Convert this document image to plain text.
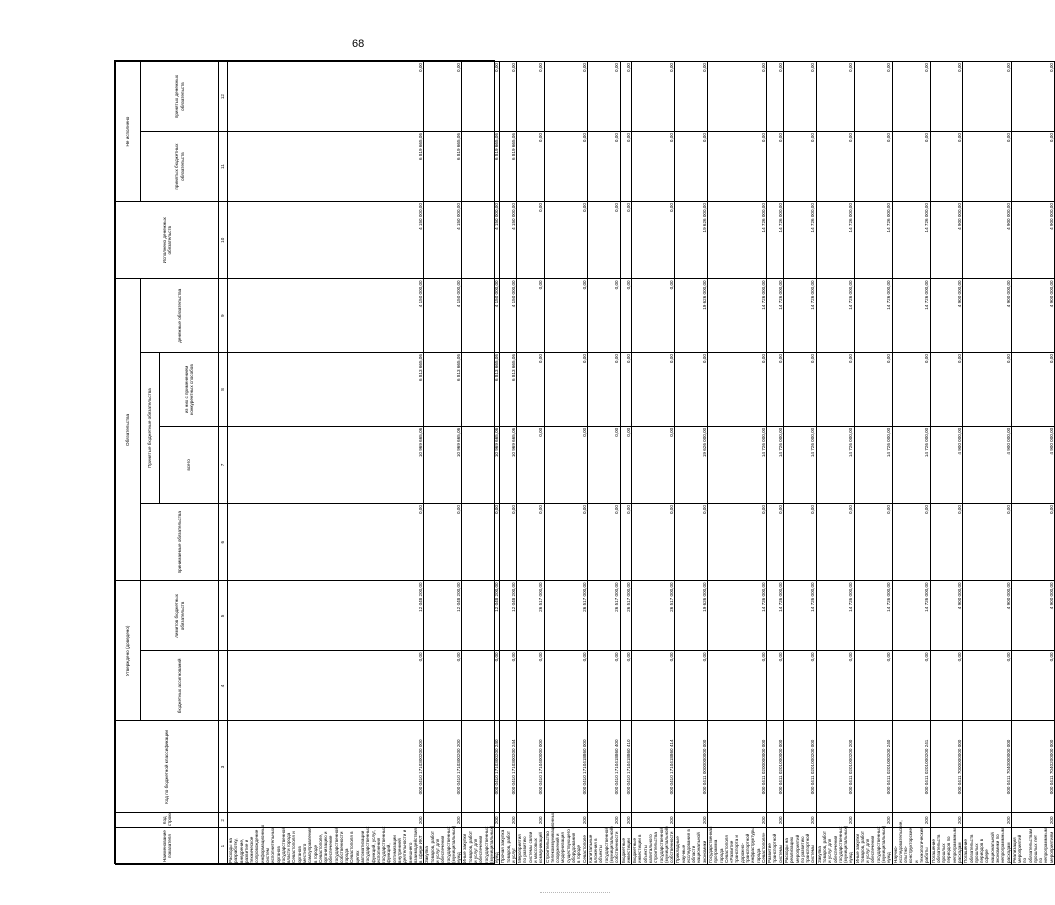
68
Наименование показателя	Код строки	Код по бюджетной классификации	Утверждено (доведено)		Обязательства				Исполнено денежных обязательств	Не исполнено	
			бюджетных ассигнований	лимитов бюджетных обязательств	принимаемые обязательства	Принятые бюджетные обязательства		денежные обязательства		принятых бюджетных обязательств	принятых денежных обязательств
						всего	из них с применением конкурентных способов				
1	2	3	4	5	6	7	8	9	10	11	12
Расходы на разработку, внедрение, развитие и техническое сопровождение информационных систем исполнительных органов государственной власти города Севастополя и органов местного самоуправления в городе Севастополе, организацию и обеспечение государственной собственности города Севастополя в целях автоматизации государственных функций, услуг, исполнения государственных функций, оптимизации внутренней деятельности и внешнего взаимодействия в сфере ИКТ	200	000 0410 1710300200 000	0,00	12 048 200,00	0,00	10 969 665,06	6 813 665,06	4 150 000,00	4 150 000,00	6 819 665,06	0,00
Закупка товаров, работ и услуг для обеспечения государственных (муниципальных) нужд	200	000 0410 1710300200 200	0,00	12 048 200,00	0,00	10 969 665,06	6 813 665,06	4 150 000,00	4 150 000,00	6 819 665,06	0,00
Иные закупки товаров, работ и услуг для обеспечения государственных (муниципальных) нужд	200	000 0410 1710300200 240	0,00	12 048 200,00	0,00	10 969 665,06	6 813 665,06	4 150 000,00	4 150 000,00	6 819 665,06	0,00
Прочая закупка товаров, работ и услуг	200	000 0410 1710300200 244	0,00	12 048 200,00	0,00	10 969 665,06	6 813 665,06	4 150 000,00	4 150 000,00	6 819 665,06	0,00
Мероприятия по развитию системы связи и массовых коммуникаций	200	000 0410 1710400000 000	0,00	26 517 000,00	0,00	0,00	0,00	0,00	0,00	0,00	0,00
Строительство телекоммуникационных сооружений и модернизация существующего оборудования в городе Севастополе	200	000 0410 1710418860 000	0,00	26 517 000,00	0,00	0,00	0,00	0,00	0,00	0,00	0,00
Капитальные вложения в объекты государственной (муниципальной) собственности	200	000 0410 1710418860 400	0,00	26 517 000,00	0,00	0,00	0,00	0,00	0,00	0,00	0,00
Бюджетные инвестиции	200	000 0410 1710418860 410	0,00	26 517 000,00	0,00	0,00	0,00	0,00	0,00	0,00	0,00
Бюджетные инвестиции в объекты капитального строительства государственной (муниципальной) собственности	200	000 0410 1710418860 414	0,00	26 517 000,00	0,00	0,00	0,00	0,00	0,00	0,00	0,00
Прикладные научные исследования в области национальной экономики	200	000 0411 0000000000 000	0,00	19 626 000,00	0,00	19 626 000,00	0,00	19 626 000,00	19 626 000,00	0,00	0,00
Государственная программа города Севастополя «Развитие транспорта и дорожно-транспортной инфраструктуры города Севастополя»	200	000 0411 0200000000 000	0,00	14 726 000,00	0,00	14 726 000,00	0,00	14 726 000,00	14 726 000,00	0,00	0,00
Развитие транспортной системы	200	000 0411 0201000000 000	0,00	14 726 000,00	0,00	14 726 000,00	0,00	14 726 000,00	14 726 000,00	0,00	0,00
Расходы на реализацию мероприятий по развитию транспортной системы	200	000 0411 0201000200 000	0,00	14 726 000,00	0,00	14 726 000,00	0,00	14 726 000,00	14 726 000,00	0,00	0,00
Закупка товаров, работ и услуг для обеспечения государственных (муниципальных) нужд	200	000 0411 0201000200 200	0,00	14 726 000,00	0,00	14 726 000,00	0,00	14 726 000,00	14 726 000,00	0,00	0,00
Иные закупки товаров, работ и услуг для обеспечения государственных (муниципальных) нужд	200	000 0411 0201000200 240	0,00	14 726 000,00	0,00	14 726 000,00	0,00	14 726 000,00	14 726 000,00	0,00	0,00
Научно-исследовательские, опытно-конструкторские и технологические работы	200	000 0411 0201000200 241	0,00	14 726 000,00	0,00	14 726 000,00	0,00	14 726 000,00	14 726 000,00	0,00	0,00
Погашение обязательств прошлых периодов по непрограммным расходам	200	000 0411 7000000000 000	0,00	4 900 000,00	0,00	4 900 000,00	0,00	4 900 000,00	4 900 000,00	0,00	0,00
Погашение обязательств прошлых периодов в сфере национальной экономики по непрограммным расходам	200	000 0411 7040000000 000	0,00	4 900 000,00	0,00	4 900 000,00	0,00	4 900 000,00	4 900 000,00	0,00	0,00
Реализация мероприятий по обязательствам прошлых лет по непрограммным мероприятиям	200	000 0411 7040200000 000	0,00	4 900 000,00	0,00	4 900 000,00	0,00	4 900 000,00	4 900 000,00	0,00	0,00
